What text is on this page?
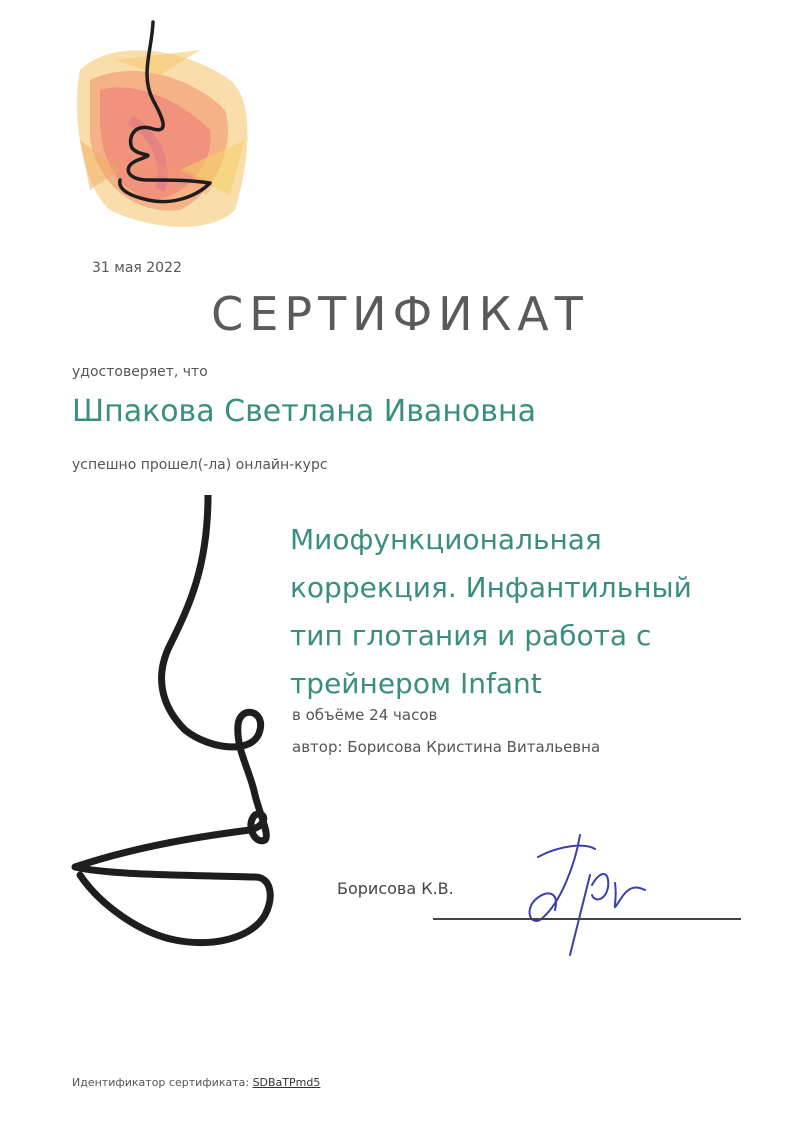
31 мая 2022
СЕРТИФИКАТ
удостоверяет, что
Шпакова Светлана Ивановна
успешно прошел(-ла) онлайн-курс
Миофункциональная
коррекция. Инфантильный
тип глотания и работа с
трейнером Infant
в объёме 24 часов
автор: Борисова Кристина Витальевна
Борисова К.В.
Идентификатор сертификата: SDBaTPmd5
